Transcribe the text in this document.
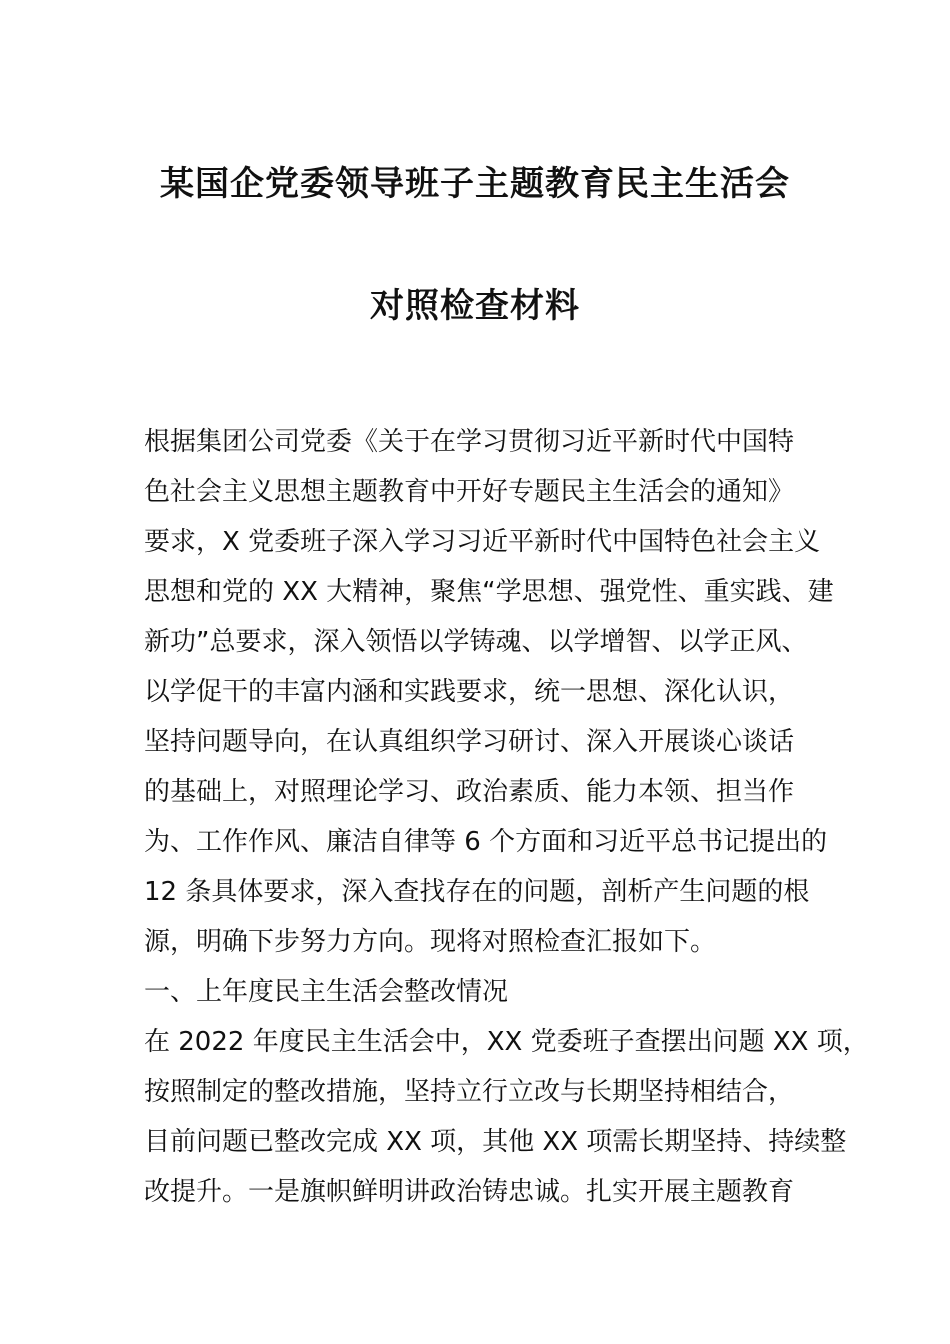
某国企党委领导班子主题教育民主生活会
对照检查材料
根据集团公司党委《关于在学习贯彻习近平新时代中国特
色社会主义思想主题教育中开好专题民主生活会的通知》
要求，X 党委班子深入学习习近平新时代中国特色社会主义
思想和党的 XX 大精神，聚焦“学思想、强党性、重实践、建
新功”总要求，深入领悟以学铸魂、以学增智、以学正风、
以学促干的丰富内涵和实践要求，统一思想、深化认识，
坚持问题导向，在认真组织学习研讨、深入开展谈心谈话
的基础上，对照理论学习、政治素质、能力本领、担当作
为、工作作风、廉洁自律等 6 个方面和习近平总书记提出的
12 条具体要求，深入查找存在的问题，剖析产生问题的根
源，明确下步努力方向。现将对照检查汇报如下。
一、上年度民主生活会整改情况
在 2022 年度民主生活会中，XX 党委班子查摆出问题 XX 项，
按照制定的整改措施，坚持立行立改与长期坚持相结合，
目前问题已整改完成 XX 项，其他 XX 项需长期坚持、持续整
改提升。一是旗帜鲜明讲政治铸忠诚。扎实开展主题教育
